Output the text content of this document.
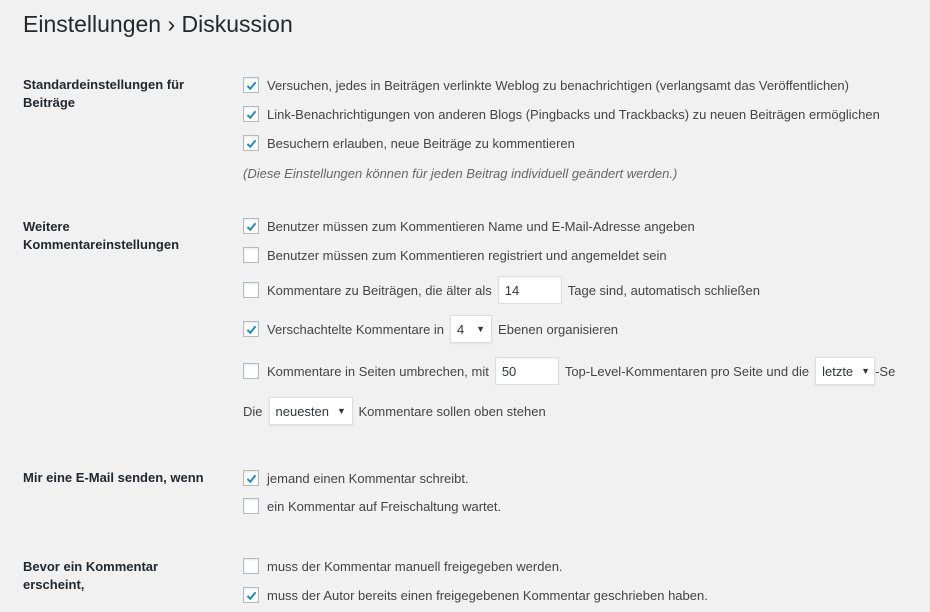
Einstellungen › Diskussion
Standardeinstellungen für Beiträge
Versuchen, jedes in Beiträgen verlinkte Weblog zu benachrichtigen (verlangsamt das Veröffentlichen)
Link-Benachrichtigungen von anderen Blogs (Pingbacks und Trackbacks) zu neuen Beiträgen ermöglichen
Besuchern erlauben, neue Beiträge zu kommentieren
(Diese Einstellungen können für jeden Beitrag individuell geändert werden.)
Weitere Kommentareinstellungen
Benutzer müssen zum Kommentieren Name und E-Mail-Adresse angeben
Benutzer müssen zum Kommentieren registriert und angemeldet sein
Kommentare zu Beiträgen, die älter als	14	Tage sind, automatisch schließen
Verschachtelte Kommentare in 4 ▼ Ebenen organisieren
Kommentare in Seiten umbrechen, mit	50	Top-Level-Kommentaren pro Seite und die letzte ▼ -Se
Die neuesten ▼ Kommentare sollen oben stehen
Mir eine E-Mail senden, wenn	jemand einen Kommentar schreibt.
ein Kommentar auf Freischaltung wartet.
Bevor ein Kommentar erscheint,
muss der Kommentar manuell freigegeben werden.
muss der Autor bereits einen freigegebenen Kommentar geschrieben haben.
